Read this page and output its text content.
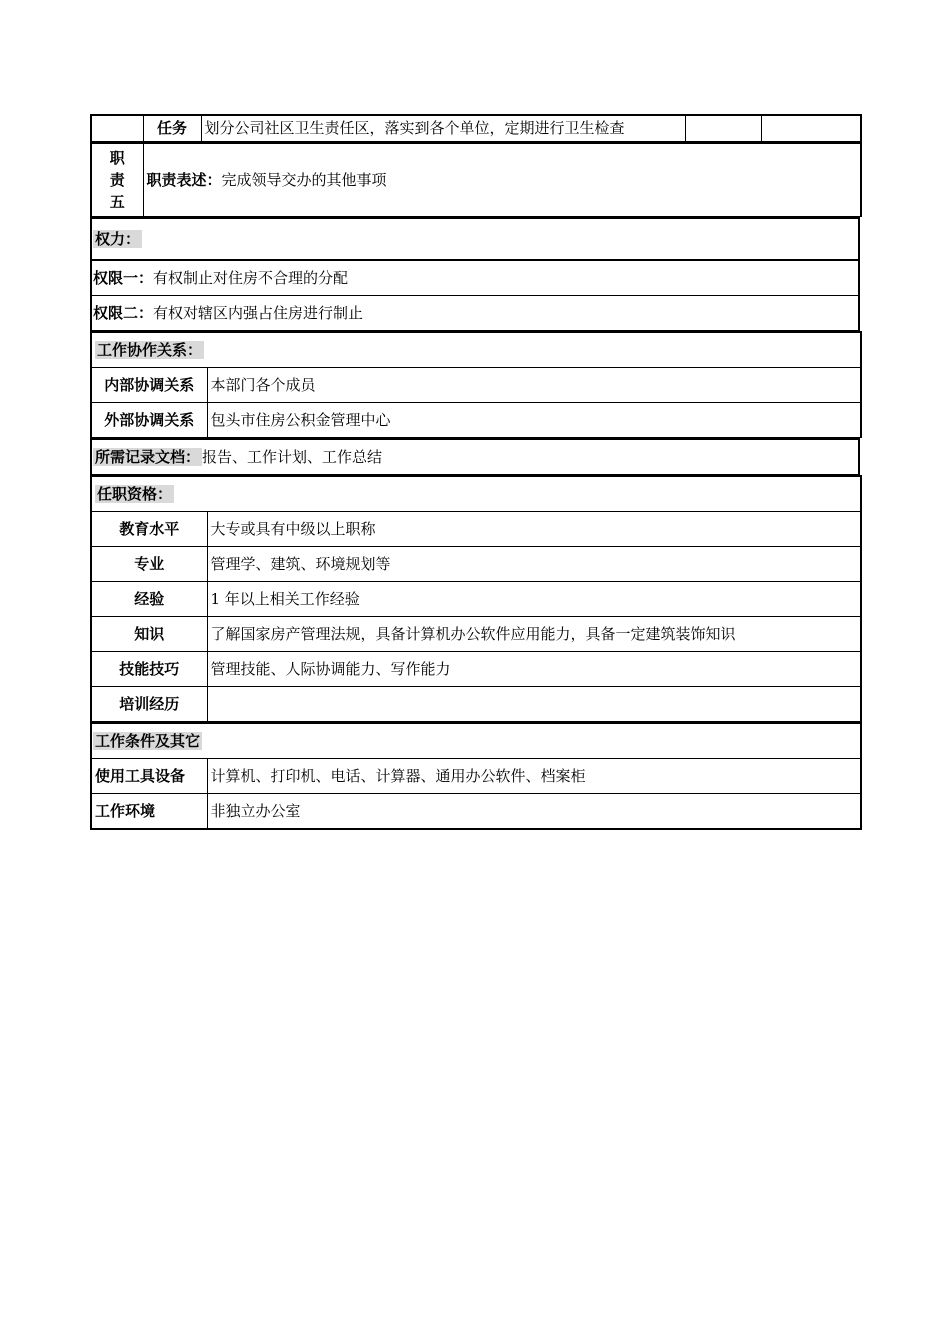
	任务	划分公司社区卫生责任区，落实到各个单位，定期进行卫生检查		
职
责
五
	职责表述：完成领导交办的其他事项
权力：
权限一：有权制止对住房不合理的分配
权限二：有权对辖区内强占住房进行制止
工作协作关系：	
内部协调关系	本部门各个成员
外部协调关系	包头市住房公积金管理中心
所需记录文档： 报告、工作计划、工作总结
任职资格：	
教育水平	大专或具有中级以上职称
专业	管理学、建筑、环境规划等
经验	1 年以上相关工作经验
知识	了解国家房产管理法规，具备计算机办公软件应用能力，具备一定建筑装饰知识
技能技巧	管理技能、人际协调能力、写作能力
培训经历	
工作条件及其它	
使用工具设备	计算机、打印机、电话、计算器、通用办公软件、档案柜
工作环境	非独立办公室
